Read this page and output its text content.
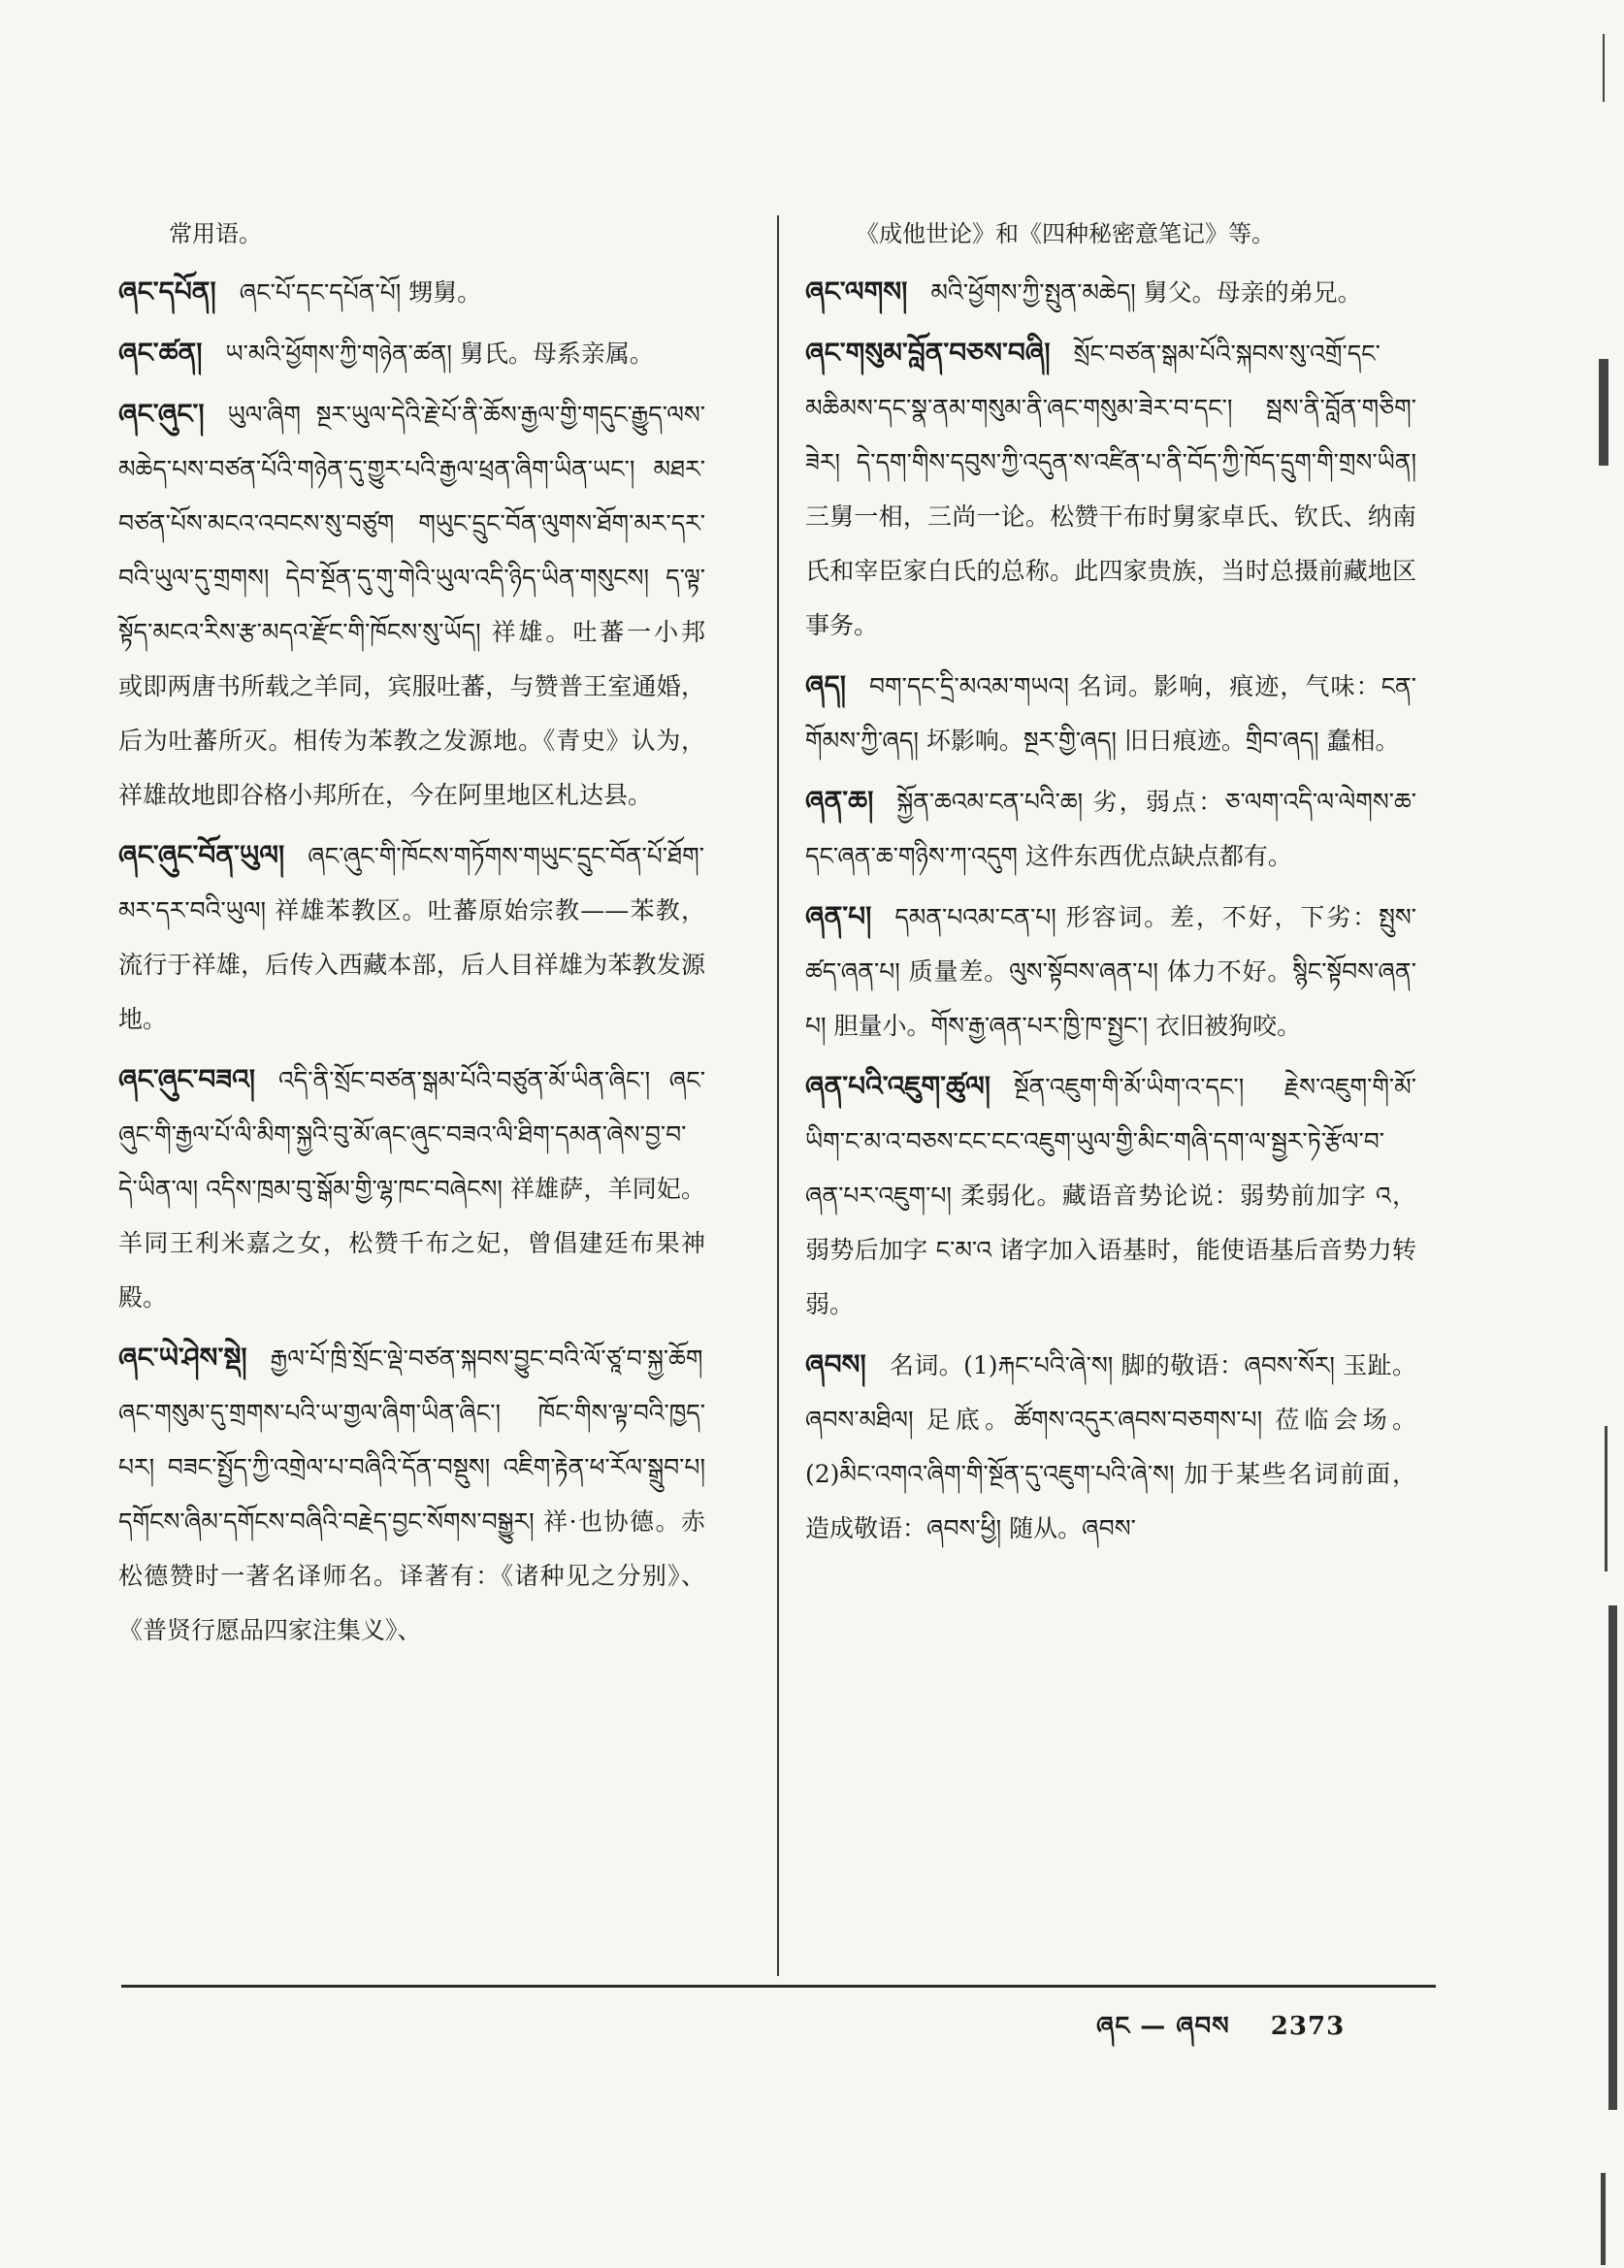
常用语。
ཞང་དཔོན། ཞང་པོ་དང་དཔོན་པོ། 甥舅。
ཞང་ཚན། ཡ་མའི་ཕྱོགས་ཀྱི་གཉེན་ཚན། 舅氏。母系亲属。
ཞང་ཞུང་། ཡུལ་ཞིག སྔར་ཡུལ་དེའི་རྗེ་པོ་ནི་ཆོས་རྒྱལ་གྱི་གདུང་རྒྱུད་ལས་མཆེད་པས་བཙན་པོའི་གཉེན་དུ་གྱུར་པའི་རྒྱལ་ཕྲན་ཞིག་ཡིན་ཡང་། མཐར་བཙན་པོས་མངའ་འབངས་སུ་བཙུག གཡུང་དྲུང་བོན་ལུགས་ཐོག་མར་དར་བའི་ཡུལ་དུ་གྲགས། དེབ་སྔོན་དུ་གུ་གེའི་ཡུལ་འདི་ཉིད་ཡིན་གསུངས། ད་ལྟ་སྟོད་མངའ་རིས་རྩ་མདའ་རྫོང་གི་ཁོངས་སུ་ཡོད། 祥雄。吐蕃一小邦或即两唐书所载之羊同，宾服吐蕃，与赞普王室通婚，后为吐蕃所灭。相传为苯教之发源地。《青史》认为，祥雄故地即谷格小邦所在，今在阿里地区札达县。
ཞང་ཞུང་བོན་ཡུལ། ཞང་ཞུང་གི་ཁོངས་གཏོགས་གཡུང་དྲུང་བོན་པོ་ཐོག་མར་དར་བའི་ཡུལ། 祥雄苯教区。吐蕃原始宗教——苯教，流行于祥雄，后传入西藏本部，后人目祥雄为苯教发源地。
ཞང་ཞུང་བཟའ། འདི་ནི་སྲོང་བཙན་སྒམ་པོའི་བཙུན་མོ་ཡིན་ཞིང་། ཞང་ཞུང་གི་རྒྱལ་པོ་ལི་མིག་སྐྱའི་བུ་མོ་ཞང་ཞུང་བཟའ་ལི་ཐིག་དམན་ཞེས་བྱ་བ་དེ་ཡིན་ལ། འདིས་ཁྲམ་བུ་སྒོམ་གྱི་ལྷ་ཁང་བཞེངས། 祥雄萨，羊同妃。羊同王利米嘉之女，松赞千布之妃，曾倡建廷布果神殿。
ཞང་ཡེ་ཤེས་སྡེ། རྒྱལ་པོ་ཁྲི་སྲོང་ལྡེ་བཙན་སྐབས་བྱུང་བའི་ལོ་ཙཱ་བ་སྐྱ་ཆོག ཞང་གསུམ་དུ་གྲགས་པའི་ཡ་གྱལ་ཞིག་ཡིན་ཞིང་། ཁོང་གིས་ལྟ་བའི་ཁྱད་པར། བཟང་སྤྱོད་ཀྱི་འགྲེལ་པ་བཞིའི་དོན་བསྡུས། འཇིག་རྟེན་ཕ་རོལ་སྒྲུབ་པ། དགོངས་ཞིམ་དགོངས་བཞིའི་བརྗེད་བྱང་སོགས་བསྒྱུར། 祥·也协德。赤松德赞时一著名译师名。译著有：《诸种见之分别》、《普贤行愿品四家注集义》、
《成他世论》和《四种秘密意笔记》等。
ཞང་ལགས། མའི་ཕྱོགས་ཀྱི་སྤུན་མཆེད། 舅父。母亲的弟兄。
ཞང་གསུམ་བློན་བཅས་བཞི། སྲོང་བཙན་སྒམ་པོའི་སྐབས་སུ་འགྲོ་དང་མཆིམས་དང་སྣ་ནམ་གསུམ་ནི་ཞང་གསུམ་ཟེར་བ་དང་། སྦས་ནི་བློན་གཅིག་ཟེར། དེ་དག་གིས་དབུས་ཀྱི་འདུན་ས་འཛིན་པ་ནི་བོད་ཀྱི་ཁོད་དྲུག་གི་གྲས་ཡིན། 三舅一相，三尚一论。松赞干布时舅家卓氏、钦氏、纳南氏和宰臣家白氏的总称。此四家贵族，当时总摄前藏地区事务。
ཞད། བག་དང་དྲི་མའམ་གཡའ། 名词。影响，痕迹，气味：ངན་གོམས་ཀྱི་ཞད། 坏影响。སྔར་གྱི་ཞད། 旧日痕迹。གྲིབ་ཞད། 蠢相。
ཞན་ཆ། སྐྱོན་ཆའམ་ངན་པའི་ཆ། 劣，弱点：ཅ་ལག་འདི་ལ་ལེགས་ཆ་དང་ཞན་ཆ་གཉིས་ཀ་འདུག 这件东西优点缺点都有。
ཞན་པ། དམན་པའམ་ངན་པ། 形容词。差，不好，下劣：སྤུས་ཚད་ཞན་པ། 质量差。ལུས་སྟོབས་ཞན་པ། 体力不好。སྙིང་སྟོབས་ཞན་པ། 胆量小。གོས་རྒྱ་ཞན་པར་ཁྱི་ཁ་སྤྱང་། 衣旧被狗咬。
ཞན་པའི་འཇུག་ཚུལ། སྔོན་འཇུག་གི་མོ་ཡིག་འ་དང་། རྗེས་འཇུག་གི་མོ་ཡིག་ང་མ་འ་བཅས་ངང་ངང་འཇུག་ཡུལ་གྱི་མིང་གཞི་དག་ལ་སྦྱར་ཏེ་རྩོལ་བ་ཞན་པར་འཇུག་པ། 柔弱化。藏语音势论说：弱势前加字 འ，弱势后加字 ང་མ་འ 诸字加入语基时，能使语基后音势力转弱。
ཞབས། 名词。(1)རྐང་པའི་ཞེ་ས། 脚的敬语：ཞབས་སོར། 玉趾。ཞབས་མཐིལ། 足底。ཚོགས་འདུར་ཞབས་བཅགས་པ། 莅临会场。(2)མིང་འགའ་ཞིག་གི་སྔོན་དུ་འཇུག་པའི་ཞེ་ས། 加于某些名词前面，造成敬语：ཞབས་ཕྱི། 随从。ཞབས་
ཞང — ཞབས 2373
